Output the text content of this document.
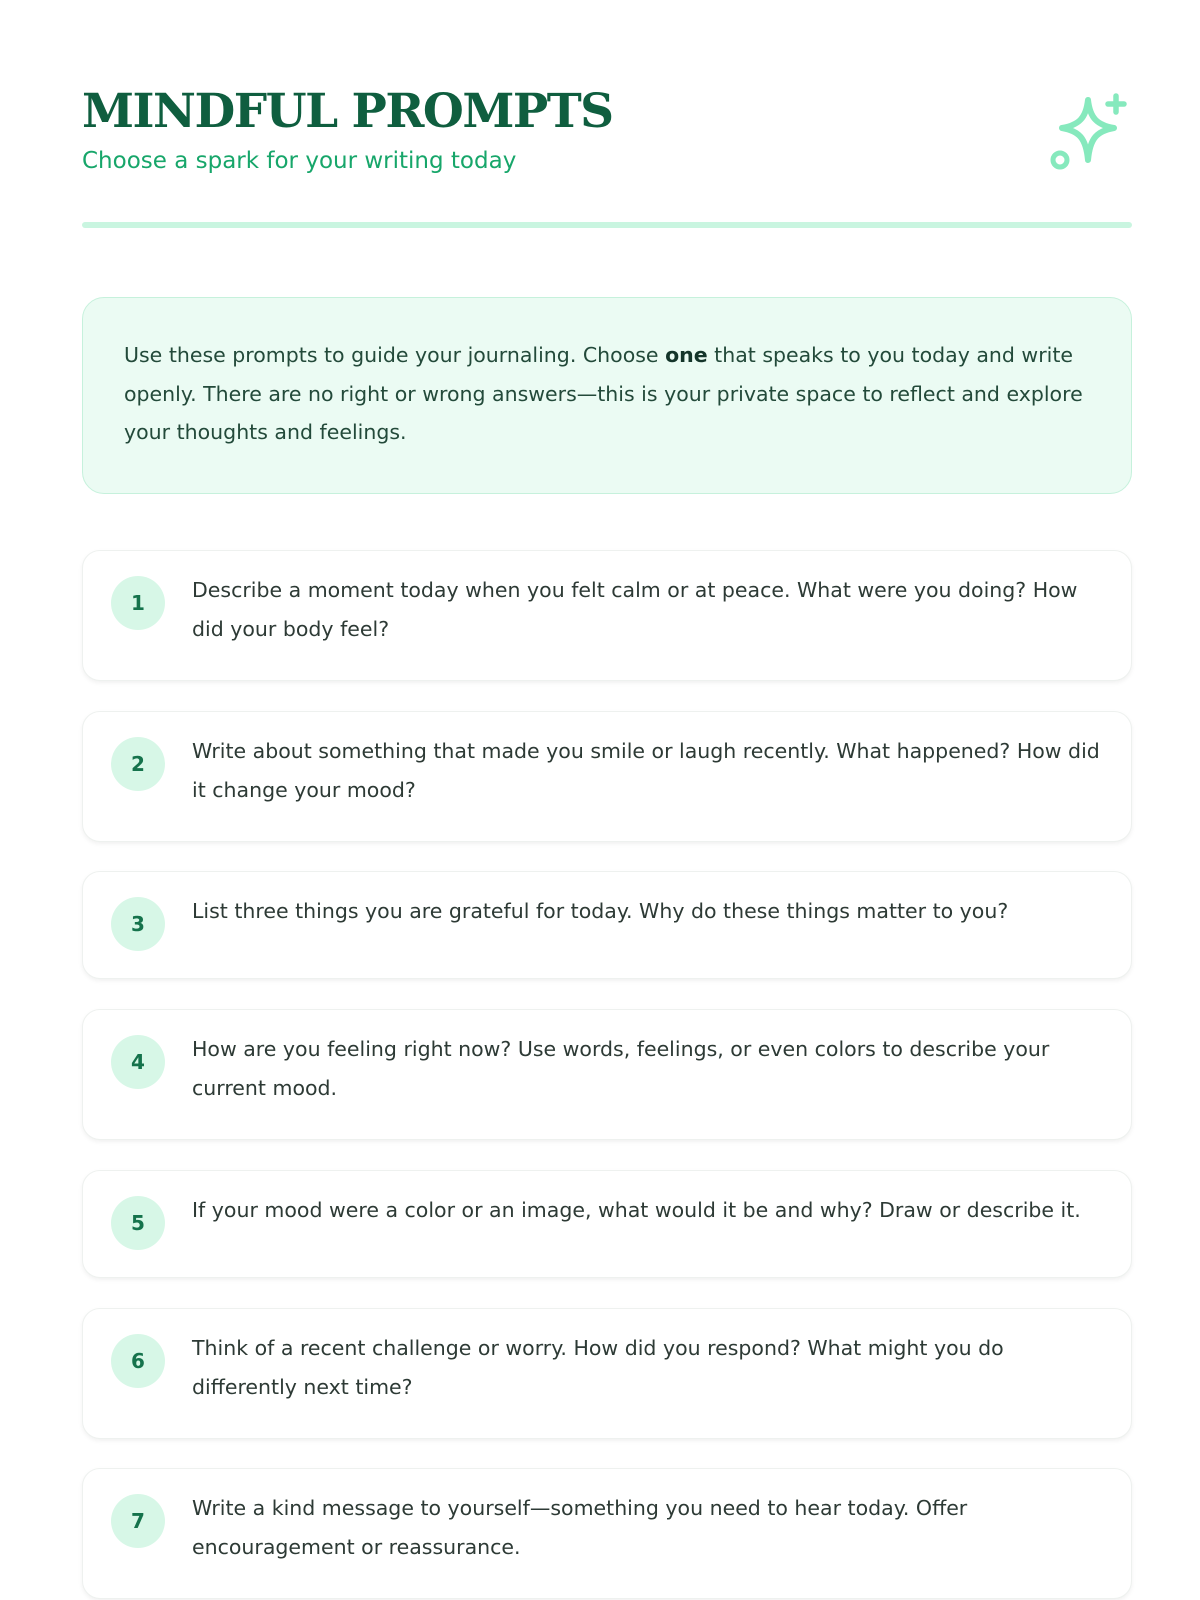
MINDFUL PROMPTS
Choose a spark for your writing today
Use these prompts to guide your journaling. Choose one that speaks to you today and write openly. There are no right or wrong answers—this is your private space to reflect and explore your thoughts and feelings.
1
Describe a moment today when you felt calm or at peace. What were you doing? How did your body feel?
2
Write about something that made you smile or laugh recently. What happened? How did it change your mood?
3
List three things you are grateful for today. Why do these things matter to you?
4
How are you feeling right now? Use words, feelings, or even colors to describe your current mood.
5
If your mood were a color or an image, what would it be and why? Draw or describe it.
6
Think of a recent challenge or worry. How did you respond? What might you do differently next time?
7
Write a kind message to yourself—something you need to hear today. Offer encouragement or reassurance.
